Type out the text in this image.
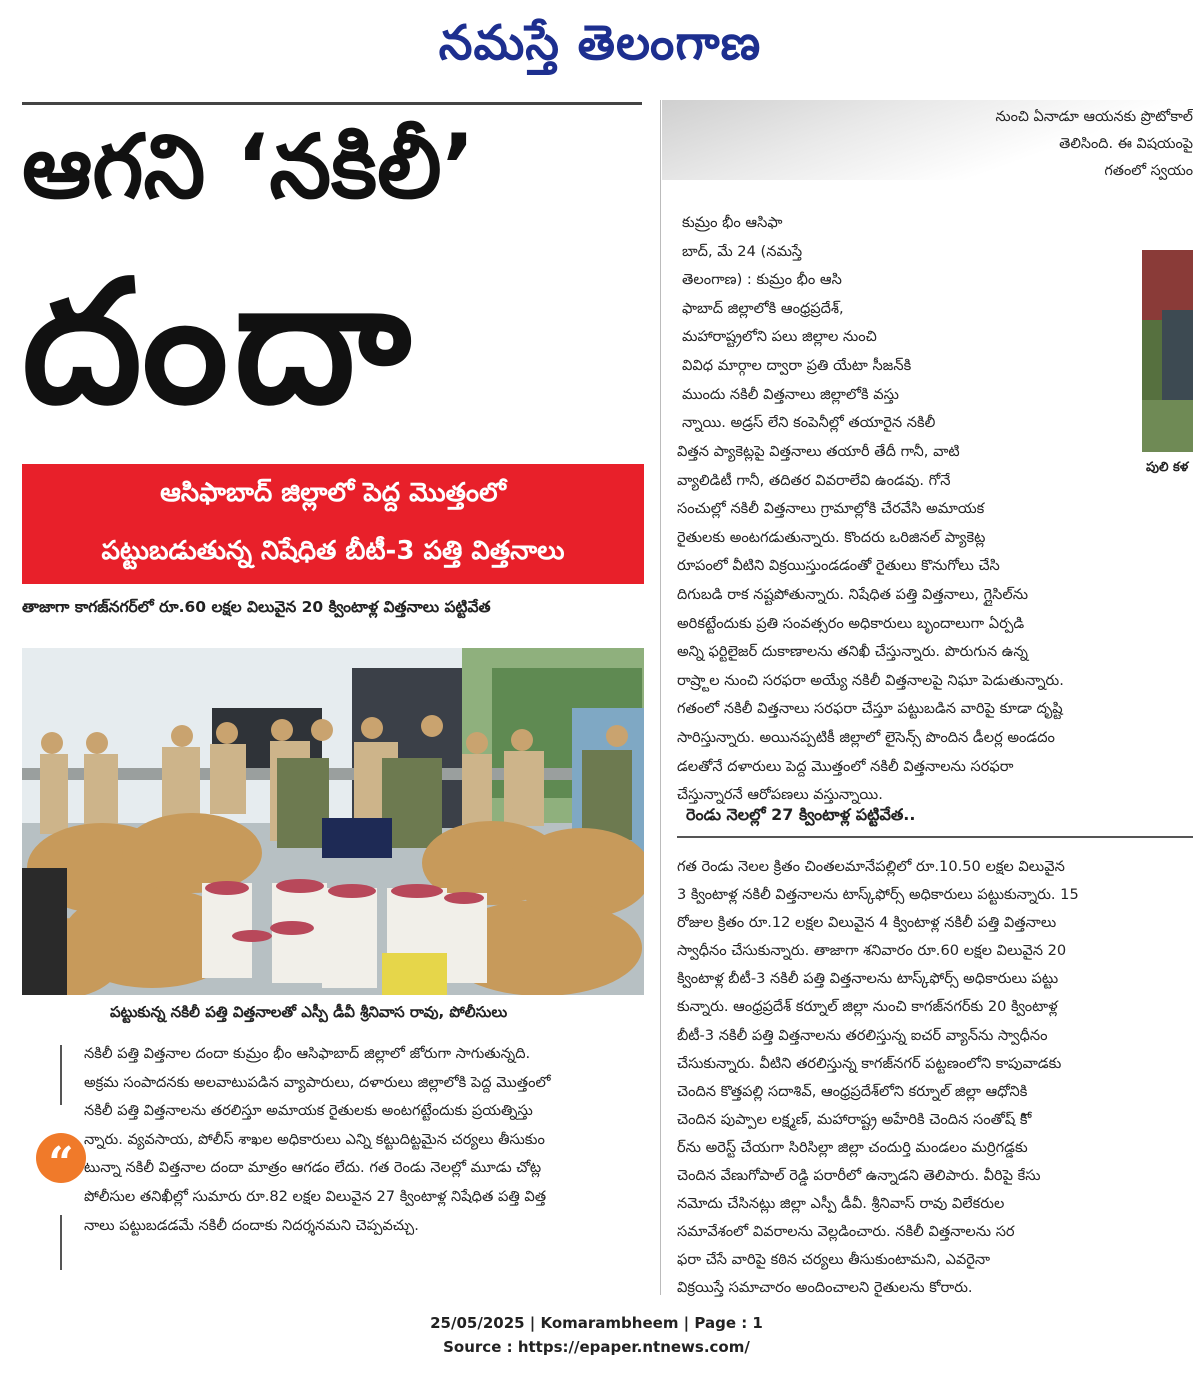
నమస్తే తెలంగాణ
ఆగని ‘నకిలీ’
దందా
ఆసిఫాబాద్ జిల్లాలో పెద్ద మొత్తంలో
పట్టుబడుతున్న నిషేధిత బీటీ-3 పత్తి విత్తనాలు
తాజాగా కాగజ్‌నగర్‌లో రూ.60 లక్షల విలువైన 20 క్వింటాళ్ల విత్తనాలు పట్టివేత
పట్టుకున్న నకిలీ పత్తి విత్తనాలతో ఎస్పీ డీవీ శ్రీనివాస రావు, పోలీసులు
“

నకిలీ పత్తి విత్తనాల దందా కుమ్రం భీం ఆసిఫాబాద్ జిల్లాలో జోరుగా సాగుతున్నది.

అక్రమ సంపాదనకు అలవాటుపడిన వ్యాపారులు, దళారులు జిల్లాలోకి పెద్ద మొత్తంలో

నకిలీ పత్తి విత్తనాలను తరలిస్తూ అమాయక రైతులకు అంటగట్టేందుకు ప్రయత్నిస్తు

న్నారు. వ్యవసాయ, పోలీస్ శాఖల అధికారులు ఎన్ని కట్టుదిట్టమైన చర్యలు తీసుకుం

టున్నా నకిలీ విత్తనాల దందా మాత్రం ఆగడం లేదు. గత రెండు నెలల్లో మూడు చోట్ల

పోలీసుల తనిఖీల్లో సుమారు రూ.82 లక్షల విలువైన 27 క్వింటాళ్ల నిషేధిత పత్తి విత్త

నాలు పట్టుబడడమే నకిలీ దందాకు నిదర్శనమని చెప్పవచ్చు.

నుంచి ఏనాడూ ఆయనకు ప్రొటోకాల్

తెలిసింది. ఈ విషయంపై

గతంలో స్వయం

పులి కళ

కుమ్రం భీం ఆసిఫా

బాద్, మే 24 (నమస్తే

తెలంగాణ) : కుమ్రం భీం ఆసి

ఫాబాద్ జిల్లాలోకి ఆంధ్రప్రదేశ్,

మహారాష్ట్రలోని పలు జిల్లాల నుంచి

వివిధ మార్గాల ద్వారా ప్రతి యేటా సీజన్‌కి

ముందు నకిలీ విత్తనాలు జిల్లాలోకి వస్తు

న్నాయి. అడ్రస్ లేని కంపెనీల్లో తయారైన నకిలీ

విత్తన ప్యాకెట్లపై విత్తనాలు తయారీ తేదీ గానీ, వాటి

వ్యాలిడిటీ గానీ, తదితర వివరాలేవి ఉండవు. గోనే

సంచుల్లో నకిలీ విత్తనాలు గ్రామాల్లోకి చేరవేసి అమాయక

రైతులకు అంటగడుతున్నారు. కొందరు ఒరిజినల్ ప్యాకెట్ల

రూపంలో వీటిని విక్రయిస్తుండడంతో రైతులు కొనుగోలు చేసి

దిగుబడి రాక నష్టపోతున్నారు. నిషేధిత పత్తి విత్తనాలు, గ్లైసిల్‌ను

అరికట్టేందుకు ప్రతి సంవత్సరం అధికారులు బృందాలుగా ఏర్పడి

అన్ని ఫర్టిలైజర్ దుకాణాలను తనిఖీ చేస్తున్నారు. పొరుగున ఉన్న

రాష్ర్టాల నుంచి సరఫరా అయ్యే నకిలీ విత్తనాలపై నిఘా పెడుతున్నారు.

గతంలో నకిలీ విత్తనాలు సరఫరా చేస్తూ పట్టుబడిన వారిపై కూడా దృష్టి

సారిస్తున్నారు. అయినప్పటికీ జిల్లాలో లైసెన్స్ పొందిన డీలర్ల అండదం

డలతోనే దళారులు పెద్ద మొత్తంలో నకిలీ విత్తనాలను సరఫరా

చేస్తున్నారనే ఆరోపణలు వస్తున్నాయి.

రెండు నెలల్లో 27 క్వింటాళ్ల పట్టివేత..

గత రెండు నెలల క్రితం చింతలమానేపల్లిలో రూ.10.50 లక్షల విలువైన

3 క్వింటాళ్ల నకిలీ విత్తనాలను టాస్క్‌ఫోర్స్ అధికారులు పట్టుకున్నారు. 15

రోజుల క్రితం రూ.12 లక్షల విలువైన 4 క్వింటాళ్ల నకిలీ పత్తి విత్తనాలు

స్వాధీనం చేసుకున్నారు. తాజాగా శనివారం రూ.60 లక్షల విలువైన 20

క్వింటాళ్ల బీటీ-3 నకిలీ పత్తి విత్తనాలను టాస్క్‌ఫోర్స్ అధికారులు పట్టు

కున్నారు. ఆంధ్రప్రదేశ్ కర్నూల్ జిల్లా నుంచి కాగజ్‌నగర్‌కు 20 క్వింటాళ్ల

బీటీ-3 నకిలీ పత్తి విత్తనాలను తరలిస్తున్న ఐచర్ వ్యాన్‌ను స్వాధీనం

చేసుకున్నారు. వీటిని తరలిస్తున్న కాగజ్‌నగర్ పట్టణంలోని కాపువాడకు

చెందిన కొత్తపల్లి సదాశివ్, ఆంధ్రప్రదేశ్‌లోని కర్నూల్ జిల్లా ఆధోనికి

చెందిన పుప్పాల లక్ష్మణ్, మహారాష్ట్ర అహేరికి చెందిన సంతోష్ కిో

ర్‌ను అరెస్ట్ చేయగా సిరిసిల్లా జిల్లా చందుర్తి మండలం మర్రిగడ్డకు

చెందిన వేణుగోపాల్ రెడ్డి పరారీలో ఉన్నాడని తెలిపారు. వీరిపై కేసు

నమోదు చేసినట్లు జిల్లా ఎస్పీ డీవీ. శ్రీనివాస్ రావు విలేకరుల

సమావేశంలో వివరాలను వెల్లడించారు. నకిలీ విత్తనాలను సర

ఫరా చేసే వారిపై కఠిన చర్యలు తీసుకుంటామని, ఎవరైనా

విక్రయిస్తే సమాచారం అందించాలని రైతులను కోరారు.

25/05/2025 | Komarambheem | Page : 1
Source : https://epaper.ntnews.com/
